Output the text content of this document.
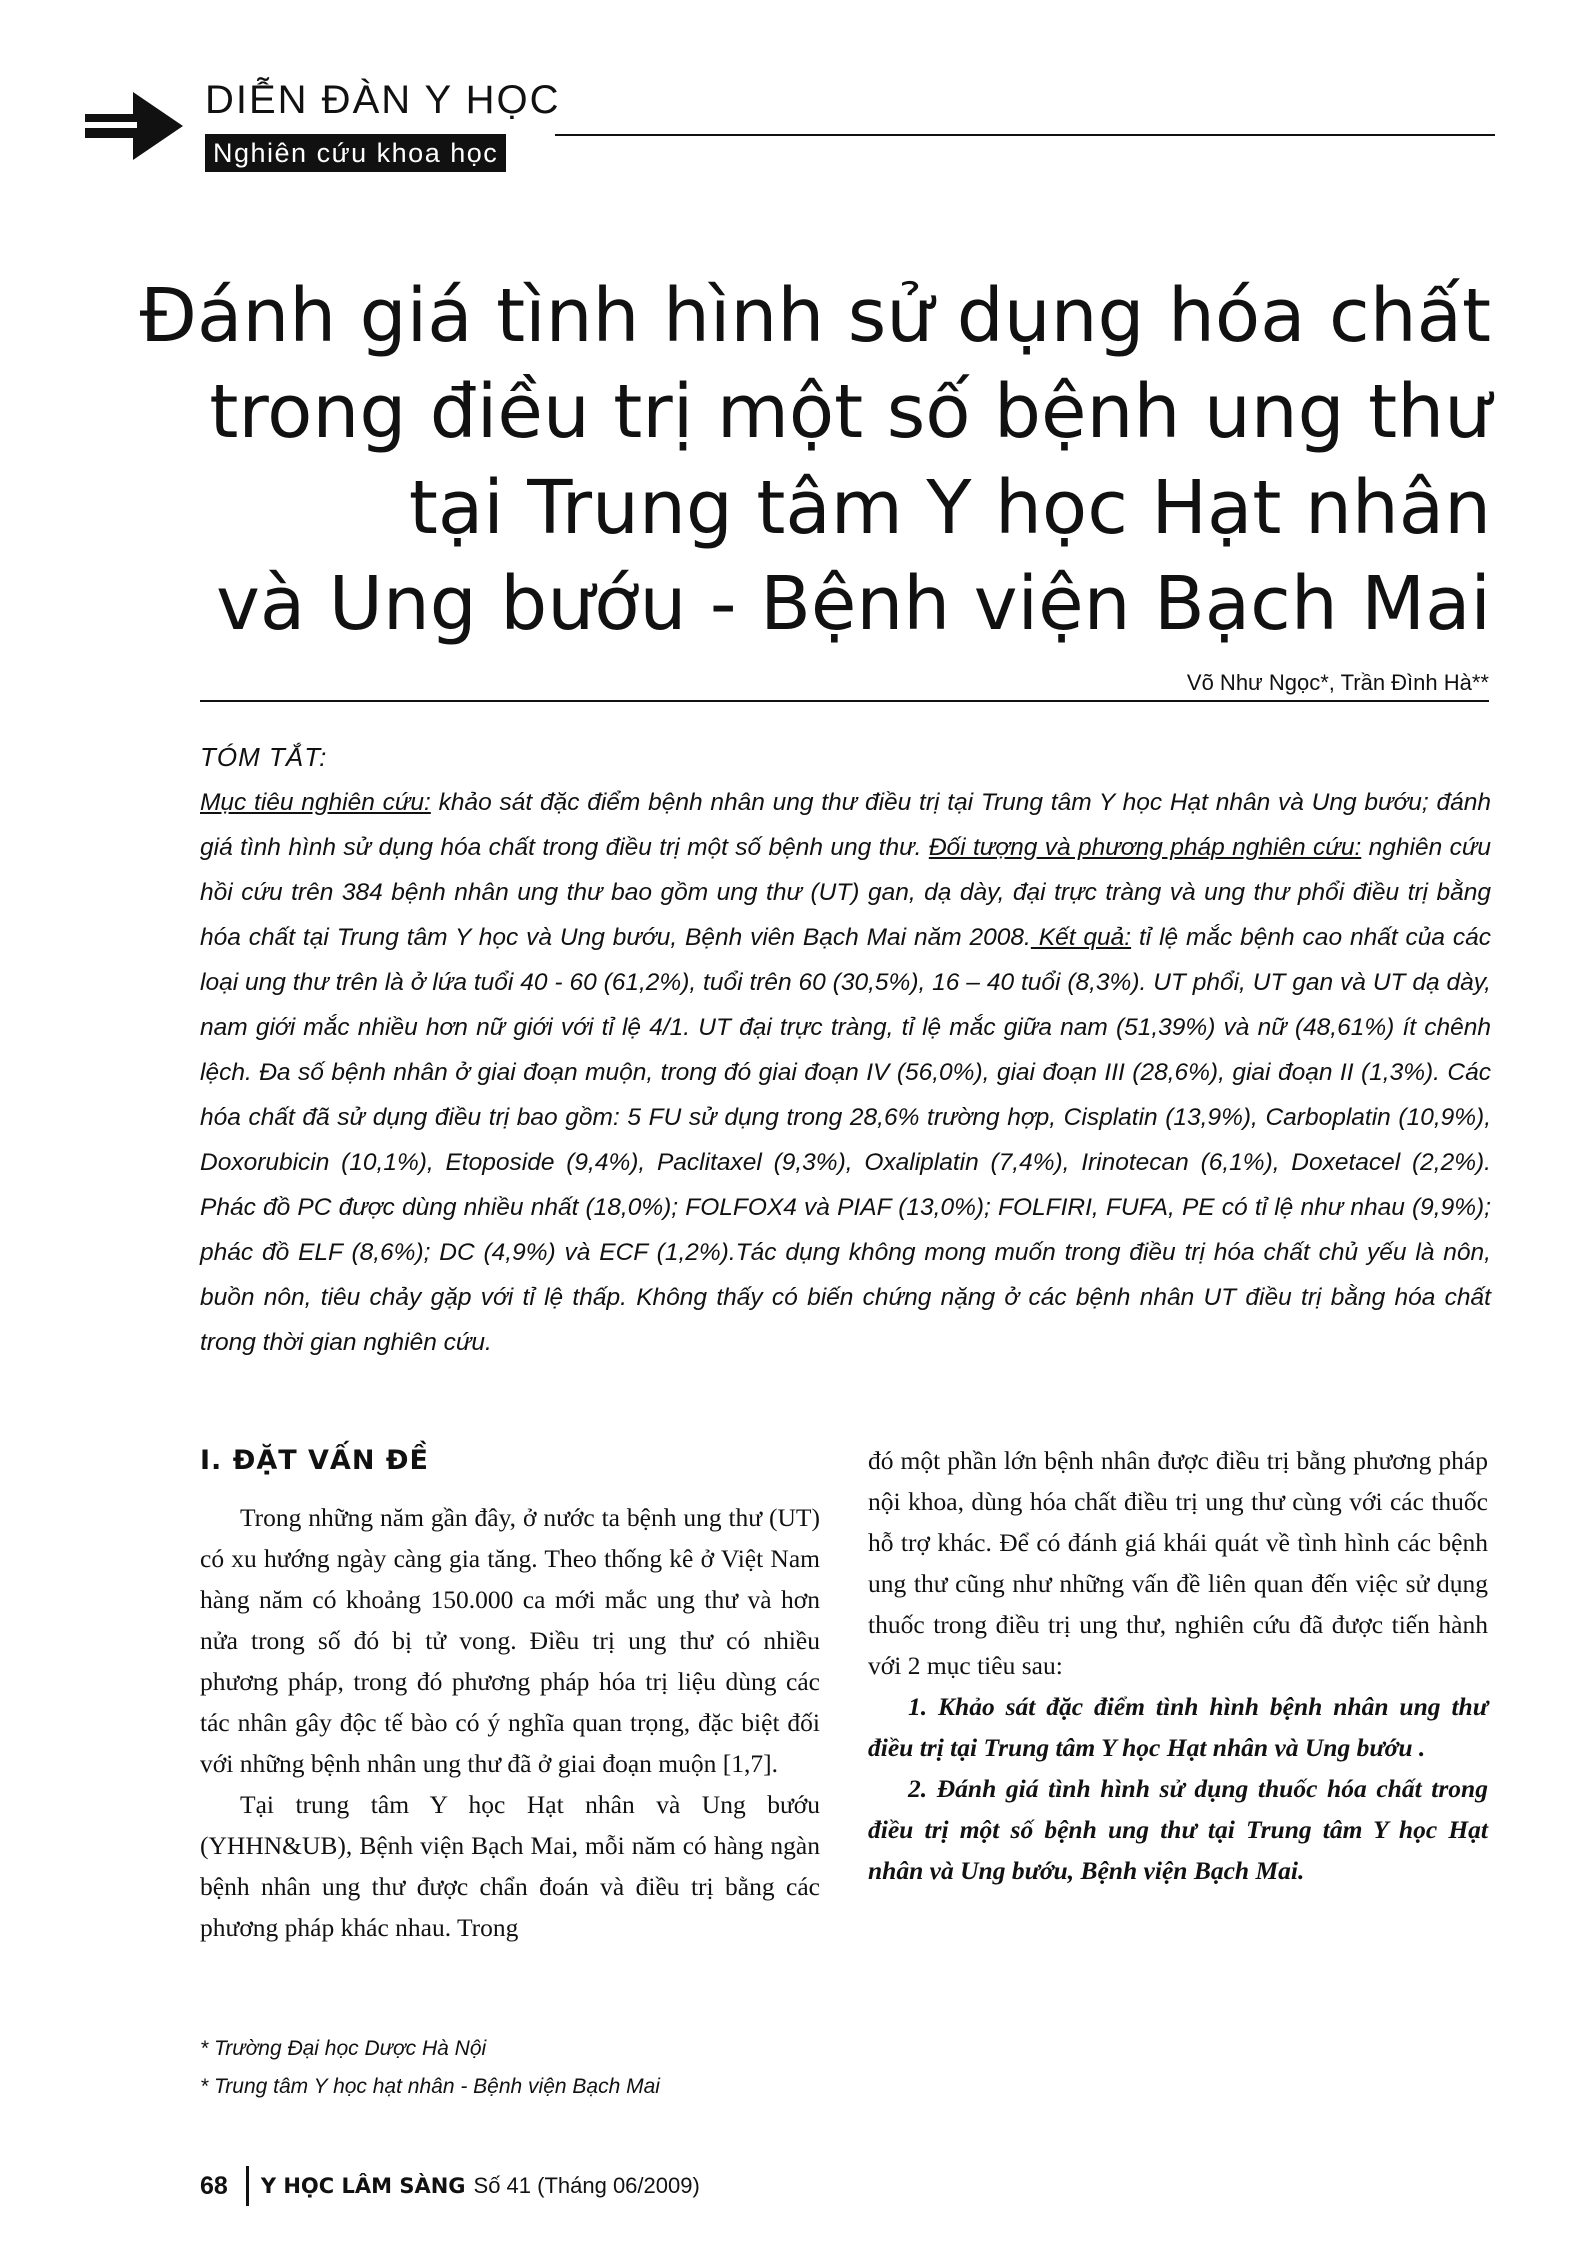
DIỄN ĐÀN Y HỌC
Nghiên cứu khoa học
Đánh giá tình hình sử dụng hóa chất
trong điều trị một số bệnh ung thư
tại Trung tâm Y học Hạt nhân
và Ung bướu - Bệnh viện Bạch Mai
Võ Như Ngọc*, Trần Đình Hà**
TÓM TẮT:

Mục tiêu nghiên cứu: khảo sát đặc điểm bệnh nhân ung thư điều trị tại Trung tâm Y học Hạt nhân và Ung bướu; đánh giá tình hình sử dụng hóa chất trong điều trị một số bệnh ung thư. Đối tượng và phương pháp nghiên cứu: nghiên cứu hồi cứu trên 384 bệnh nhân ung thư bao gồm ung thư (UT) gan, dạ dày, đại trực tràng và ung thư phổi điều trị bằng hóa chất tại Trung tâm Y học và Ung bướu, Bệnh viên Bạch Mai năm 2008. Kết quả: tỉ lệ mắc bệnh cao nhất của các loại ung thư trên là ở lứa tuổi 40 - 60 (61,2%), tuổi trên 60 (30,5%), 16 – 40 tuổi (8,3%). UT phổi, UT gan và UT dạ dày, nam giới mắc nhiều hơn nữ giới với tỉ lệ 4/1. UT đại trực tràng, tỉ lệ mắc giữa nam (51,39%) và nữ (48,61%) ít chênh lệch. Đa số bệnh nhân ở giai đoạn muộn, trong đó giai đoạn IV (56,0%), giai đoạn III (28,6%), giai đoạn II (1,3%). Các hóa chất đã sử dụng điều trị bao gồm: 5 FU sử dụng trong 28,6% trường hợp, Cisplatin (13,9%), Carboplatin (10,9%), Doxorubicin (10,1%), Etoposide (9,4%), Paclitaxel (9,3%), Oxaliplatin (7,4%), Irinotecan (6,1%), Doxetacel (2,2%). Phác đồ PC được dùng nhiều nhất (18,0%); FOLFOX4 và PIAF (13,0%); FOLFIRI, FUFA, PE có tỉ lệ như nhau (9,9%); phác đồ ELF (8,6%); DC (4,9%) và ECF (1,2%).Tác dụng không mong muốn trong điều trị hóa chất chủ yếu là nôn, buồn nôn, tiêu chảy gặp với tỉ lệ thấp. Không thấy có biến chứng nặng ở các bệnh nhân UT điều trị bằng hóa chất trong thời gian nghiên cứu.

I. ĐẶT VẤN ĐỀ

Trong những năm gần đây, ở nước ta bệnh ung thư (UT) có xu hướng ngày càng gia tăng. Theo thống kê ở Việt Nam hàng năm có khoảng 150.000 ca mới mắc ung thư và hơn nửa trong số đó bị tử vong. Điều trị ung thư có nhiều phương pháp, trong đó phương pháp hóa trị liệu dùng các tác nhân gây độc tế bào có ý nghĩa quan trọng, đặc biệt đối với những bệnh nhân ung thư đã ở giai đoạn muộn [1,7].

Tại trung tâm Y học Hạt nhân và Ung bướu (YHHN&UB), Bệnh viện Bạch Mai, mỗi năm có hàng ngàn bệnh nhân ung thư được chẩn đoán và điều trị bằng các phương pháp khác nhau. Trong

đó một phần lớn bệnh nhân được điều trị bằng phương pháp nội khoa, dùng hóa chất điều trị ung thư cùng với các thuốc hỗ trợ khác. Để có đánh giá khái quát về tình hình các bệnh ung thư cũng như những vấn đề liên quan đến việc sử dụng thuốc trong điều trị ung thư, nghiên cứu đã được tiến hành với 2 mục tiêu sau:

1. Khảo sát đặc điểm tình hình bệnh nhân ung thư điều trị tại Trung tâm Y học Hạt nhân và Ung bướu .

2. Đánh giá tình hình sử dụng thuốc hóa chất trong điều trị một số bệnh ung thư tại Trung tâm Y học Hạt nhân và Ung bướu, Bệnh viện Bạch Mai.

* Trường Đại học Dược Hà Nội
* Trung tâm Y học hạt nhân - Bệnh viện Bạch Mai
68 Y HỌC LÂM SÀNG Số 41 (Tháng 06/2009)
